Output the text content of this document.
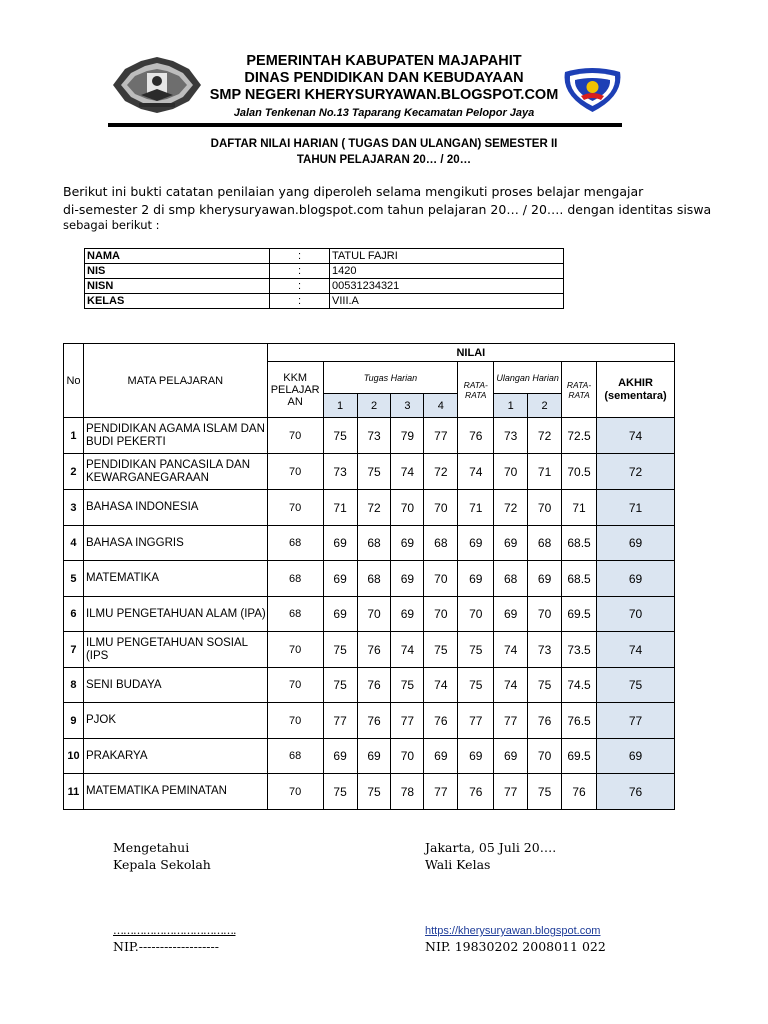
PEMERINTAH KABUPATEN MAJAPAHIT
DINAS PENDIDIKAN DAN KEBUDAYAAN
SMP NEGERI KHERYSURYAWAN.BLOGSPOT.COM
Jalan Tenkenan No.13 Taparang Kecamatan Pelopor Jaya
DAFTAR NILAI HARIAN ( TUGAS DAN ULANGAN) SEMESTER II
TAHUN PELAJARAN 20… / 20…
Berikut ini bukti catatan penilaian yang diperoleh selama mengikuti proses belajar mengajar
di-semester 2 di smp kherysuryawan.blogspot.com tahun pelajaran 20… / 20…. dengan identitas siswa
sebagai berikut :
NAMA	:	TATUL FAJRI
NIS	:	1420
NISN	:	00531234321
KELAS	:	VIII.A
No	MATA PELAJARAN	NILAI									
		KKM PELAJAR AN	Tugas Harian				RATA-RATA	Ulangan Harian		RATA-RATA	AKHIR (sementara)
			1	2	3	4		1	2		
1	PENDIDIKAN AGAMA ISLAM DAN BUDI PEKERTI	70	75	73	79	77	76	73	72	72.5	74
2	PENDIDIKAN PANCASILA DAN KEWARGANEGARAAN	70	73	75	74	72	74	70	71	70.5	72
3	BAHASA INDONESIA	70	71	72	70	70	71	72	70	71	71
4	BAHASA INGGRIS	68	69	68	69	68	69	69	68	68.5	69
5	MATEMATIKA	68	69	68	69	70	69	68	69	68.5	69
6	ILMU PENGETAHUAN ALAM (IPA)	68	69	70	69	70	70	69	70	69.5	70
7	ILMU PENGETAHUAN SOSIAL (IPS	70	75	76	74	75	75	74	73	73.5	74
8	SENI BUDAYA	70	75	76	75	74	75	74	75	74.5	75
9	PJOK	70	77	76	77	76	77	77	76	76.5	77
10	PRAKARYA	68	69	69	70	69	69	69	70	69.5	69
11	MATEMATIKA PEMINATAN	70	75	75	78	77	76	77	75	76	76
Mengetahui
Kepala Sekolah
……………………………….
NIP.-------------------
Jakarta, 05 Juli 20….
Wali Kelas
https://kherysuryawan.blogspot.com
NIP. 19830202 2008011 022
